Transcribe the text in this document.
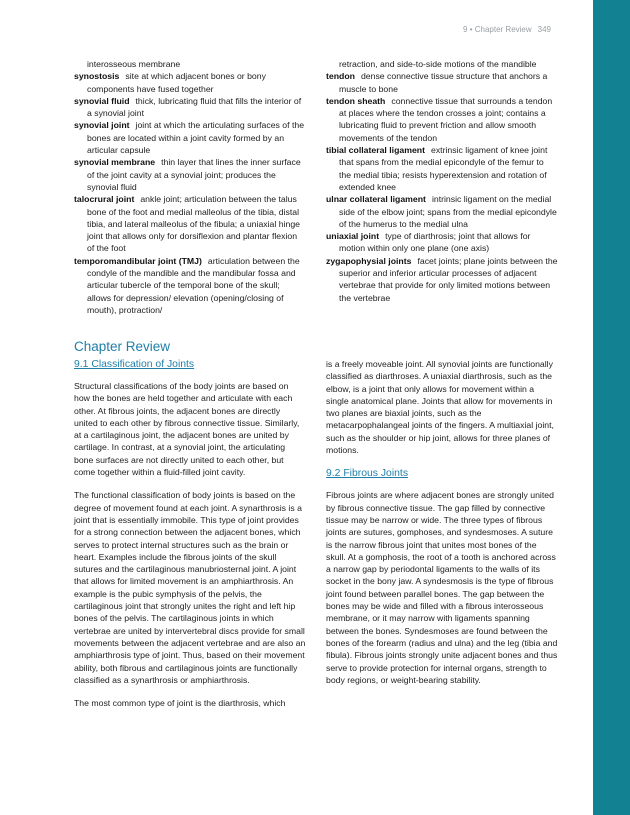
9 • Chapter Review 349
interosseous membrane
synostosis site at which adjacent bones or bony components have fused together
synovial fluid thick, lubricating fluid that fills the interior of a synovial joint
synovial joint joint at which the articulating surfaces of the bones are located within a joint cavity formed by an articular capsule
synovial membrane thin layer that lines the inner surface of the joint cavity at a synovial joint; produces the synovial fluid
talocrural joint ankle joint; articulation between the talus bone of the foot and medial malleolus of the tibia, distal tibia, and lateral malleolus of the fibula; a uniaxial hinge joint that allows only for dorsiflexion and plantar flexion of the foot
temporomandibular joint (TMJ) articulation between the condyle of the mandible and the mandibular fossa and articular tubercle of the temporal bone of the skull; allows for depression/ elevation (opening/closing of mouth), protraction/
retraction, and side-to-side motions of the mandible
tendon dense connective tissue structure that anchors a muscle to bone
tendon sheath connective tissue that surrounds a tendon at places where the tendon crosses a joint; contains a lubricating fluid to prevent friction and allow smooth movements of the tendon
tibial collateral ligament extrinsic ligament of knee joint that spans from the medial epicondyle of the femur to the medial tibia; resists hyperextension and rotation of extended knee
ulnar collateral ligament intrinsic ligament on the medial side of the elbow joint; spans from the medial epicondyle of the humerus to the medial ulna
uniaxial joint type of diarthrosis; joint that allows for motion within only one plane (one axis)
zygapophysial joints facet joints; plane joints between the superior and inferior articular processes of adjacent vertebrae that provide for only limited motions between the vertebrae
Chapter Review
9.1 Classification of Joints

Structural classifications of the body joints are based on how the bones are held together and articulate with each other. At fibrous joints, the adjacent bones are directly united to each other by fibrous connective tissue. Similarly, at a cartilaginous joint, the adjacent bones are united by cartilage. In contrast, at a synovial joint, the articulating bone surfaces are not directly united to each other, but come together within a fluid-filled joint cavity.

The functional classification of body joints is based on the degree of movement found at each joint. A synarthrosis is a joint that is essentially immobile. This type of joint provides for a strong connection between the adjacent bones, which serves to protect internal structures such as the brain or heart. Examples include the fibrous joints of the skull sutures and the cartilaginous manubriosternal joint. A joint that allows for limited movement is an amphiarthrosis. An example is the pubic symphysis of the pelvis, the cartilaginous joint that strongly unites the right and left hip bones of the pelvis. The cartilaginous joints in which vertebrae are united by intervertebral discs provide for small movements between the adjacent vertebrae and are also an amphiarthrosis type of joint. Thus, based on their movement ability, both fibrous and cartilaginous joints are functionally classified as a synarthrosis or amphiarthrosis.

The most common type of joint is the diarthrosis, which

is a freely moveable joint. All synovial joints are functionally classified as diarthroses. A uniaxial diarthrosis, such as the elbow, is a joint that only allows for movement within a single anatomical plane. Joints that allow for movements in two planes are biaxial joints, such as the metacarpophalangeal joints of the fingers. A multiaxial joint, such as the shoulder or hip joint, allows for three planes of motions.

9.2 Fibrous Joints

Fibrous joints are where adjacent bones are strongly united by fibrous connective tissue. The gap filled by connective tissue may be narrow or wide. The three types of fibrous joints are sutures, gomphoses, and syndesmoses. A suture is the narrow fibrous joint that unites most bones of the skull. At a gomphosis, the root of a tooth is anchored across a narrow gap by periodontal ligaments to the walls of its socket in the bony jaw. A syndesmosis is the type of fibrous joint found between parallel bones. The gap between the bones may be wide and filled with a fibrous interosseous membrane, or it may narrow with ligaments spanning between the bones. Syndesmoses are found between the bones of the forearm (radius and ulna) and the leg (tibia and fibula). Fibrous joints strongly unite adjacent bones and thus serve to provide protection for internal organs, strength to body regions, or weight-bearing stability.
